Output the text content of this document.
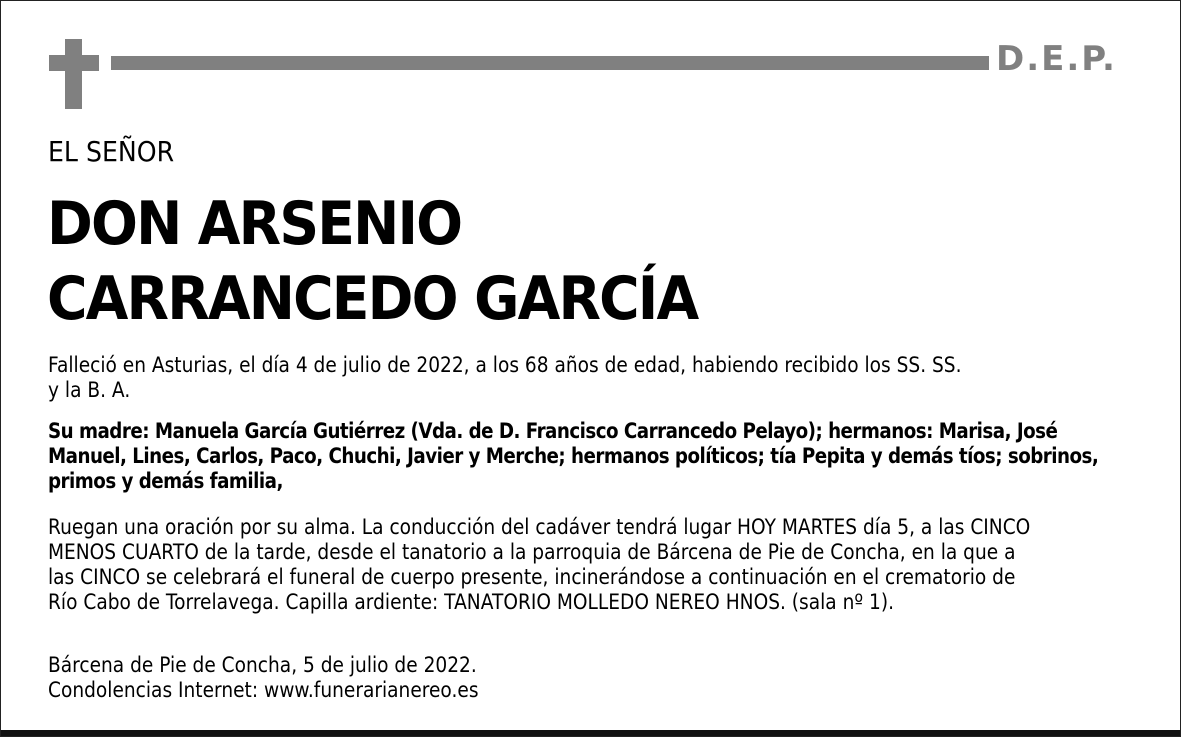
D.E.P.
EL SEÑOR
DON ARSENIO
CARRANCEDO GARCÍA
Falleció en Asturias, el día 4 de julio de 2022, a los 68 años de edad, habiendo recibido los SS. SS.
y la B. A.
Su madre: Manuela García Gutiérrez (Vda. de D. Francisco Carrancedo Pelayo); hermanos: Marisa, José
Manuel, Lines, Carlos, Paco, Chuchi, Javier y Merche; hermanos políticos; tía Pepita y demás tíos; sobrinos,
primos y demás familia,
Ruegan una oración por su alma. La conducción del cadáver tendrá lugar HOY MARTES día 5, a las CINCO
MENOS CUARTO de la tarde, desde el tanatorio a la parroquia de Bárcena de Pie de Concha, en la que a
las CINCO se celebrará el funeral de cuerpo presente, incinerándose a continuación en el crematorio de
Río Cabo de Torrelavega. Capilla ardiente: TANATORIO MOLLEDO NEREO HNOS. (sala nº 1).
Bárcena de Pie de Concha, 5 de julio de 2022.
Condolencias Internet: www.funerarianereo.es
